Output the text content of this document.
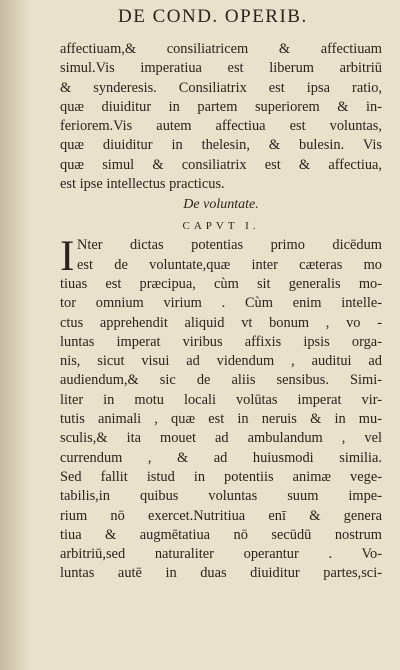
DE COND. OPERIB.
affectiuam,& consiliatricem & affectiuam
simul.Vis imperatiua est liberum arbitriū
& synderesis. Consiliatrix est ipsa ratio,
quæ diuiditur in partem superiorem & in-
feriorem.Vis autem affectiua est voluntas,
quæ diuiditur in thelesin, & bulesin. Vis
quæ simul & consiliatrix est & affectiua,
est ipse intellectus practicus.
De voluntate.
CAPVT I.
I Nter dictas potentias primo dicēdum
est de voluntate,quæ inter cæteras mo
tiuas est præcipua, cùm sit generalis mo-
tor omnium virium . Cùm enim intelle-
ctus apprehendit aliquid vt bonum , vo -
luntas imperat viribus affixis ipsis orga-
nis, sicut visui ad videndum , auditui ad
audiendum,& sic de aliis sensibus. Simi-
liter in motu locali volūtas imperat vir-
tutis animali , quæ est in neruis & in mu-
sculis,& ita mouet ad ambulandum , vel
currendum , & ad huiusmodi similia.
Sed fallit istud in potentiis animæ vege-
tabilis,in quibus voluntas suum impe-
rium nō exercet.Nutritiua enī & genera
tiua & augmētatiua nō secūdū nostrum
arbitriū,sed naturaliter operantur . Vo-
luntas autē in duas diuiditur partes,sci-
